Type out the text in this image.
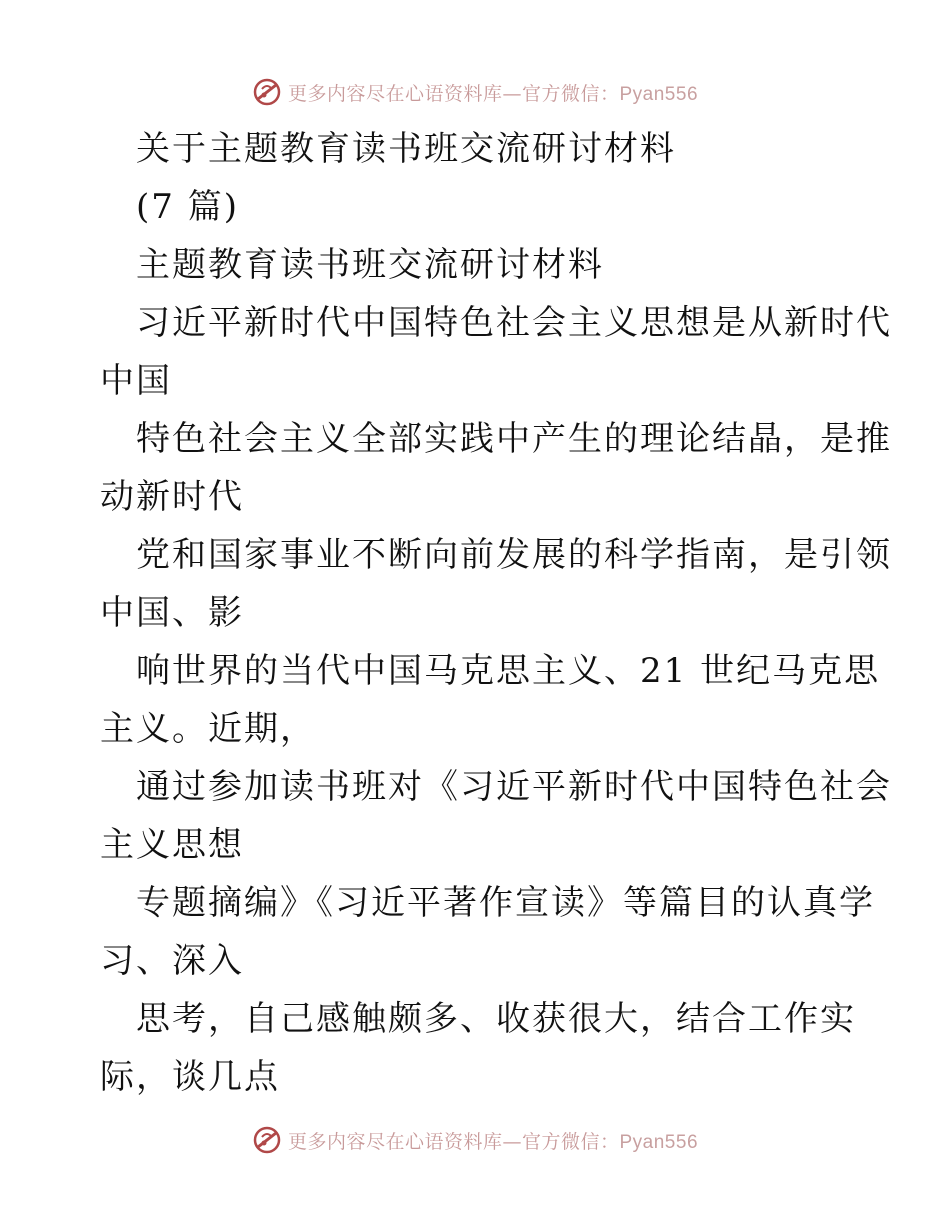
更多内容尽在心语资料库—官方微信：Pyan556
关于主题教育读书班交流研讨材料
(7 篇)
主题教育读书班交流研讨材料
习近平新时代中国特色社会主义思想是从新时代
中国
特色社会主义全部实践中产生的理论结晶，是推
动新时代
党和国家事业不断向前发展的科学指南，是引领
中国、影
响世界的当代中国马克思主义、21 世纪马克思
主义。近期，
通过参加读书班对《习近平新时代中国特色社会
主义思想
专题摘编》《习近平著作宣读》等篇目的认真学
习、深入
思考，自己感触颇多、收获很大，结合工作实
际，谈几点
更多内容尽在心语资料库—官方微信：Pyan556
